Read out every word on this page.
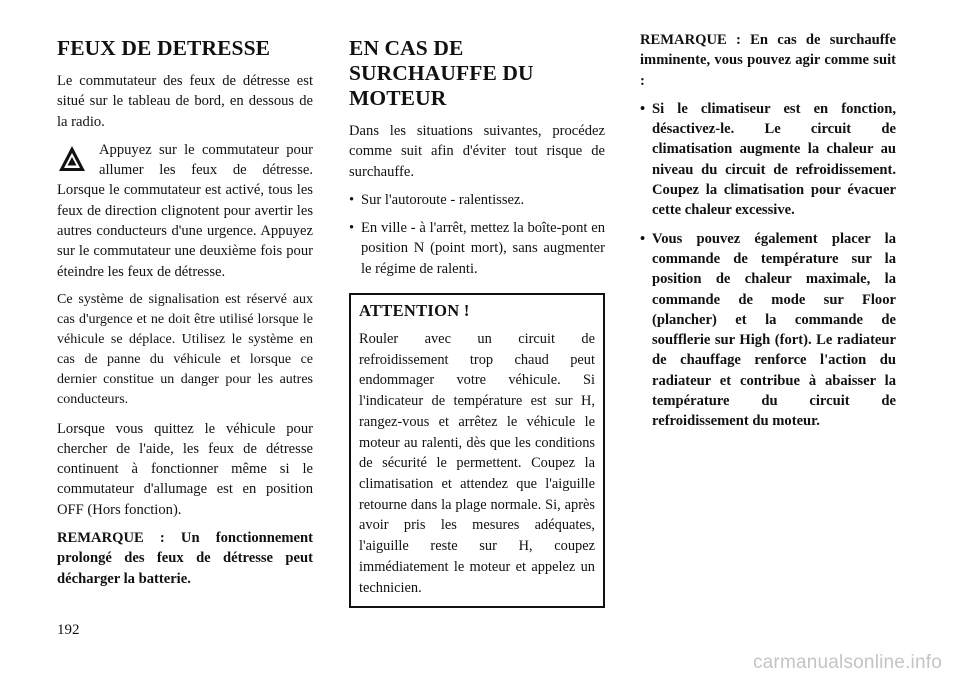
FEUX DE DETRESSE

Le commutateur des feux de détresse est situé sur le tableau de bord, en dessous de la radio.

Appuyez sur le commutateur pour allumer les feux de détresse. Lorsque le commutateur est activé, tous les feux de direction clignotent pour avertir les autres conducteurs d'une urgence. Appuyez sur le commutateur une deuxième fois pour éteindre les feux de détresse.

Ce système de signalisation est réservé aux cas d'urgence et ne doit être utilisé lorsque le véhicule se déplace. Utilisez le système en cas de panne du véhicule et lorsque ce dernier constitue un danger pour les autres conducteurs.

Lorsque vous quittez le véhicule pour chercher de l'aide, les feux de détresse continuent à fonctionner même si le commutateur d'allumage est en position OFF (Hors fonction).

REMARQUE : Un fonctionnement prolongé des feux de détresse peut décharger la batterie.

EN CAS DE SURCHAUFFE DU MOTEUR

Dans les situations suivantes, procédez comme suit afin d'éviter tout risque de surchauffe.

• Sur l'autoroute - ralentissez.
• En ville - à l'arrêt, mettez la boîte-pont en position N (point mort), sans augmenter le régime de ralenti.
ATTENTION !

Rouler avec un circuit de refroidissement trop chaud peut endommager votre véhicule. Si l'indicateur de température est sur H, rangez-vous et arrêtez le véhicule le moteur au ralenti, dès que les conditions de sécurité le permettent. Coupez la climatisation et attendez que l'aiguille retourne dans la plage normale. Si, après avoir pris les mesures adéquates, l'aiguille reste sur H, coupez immédiatement le moteur et appelez un technicien.

REMARQUE : En cas de surchauffe imminente, vous pouvez agir comme suit :

• Si le climatiseur est en fonction, désactivez-le. Le circuit de climatisation augmente la chaleur au niveau du circuit de refroidissement. Coupez la climatisation pour évacuer cette chaleur excessive.
• Vous pouvez également placer la commande de température sur la position de chaleur maximale, la commande de mode sur Floor (plancher) et la commande de soufflerie sur High (fort). Le radiateur de chauffage renforce l'action du radiateur et contribue à abaisser la température du circuit de refroidissement du moteur.
192
carmanualsonline.info
